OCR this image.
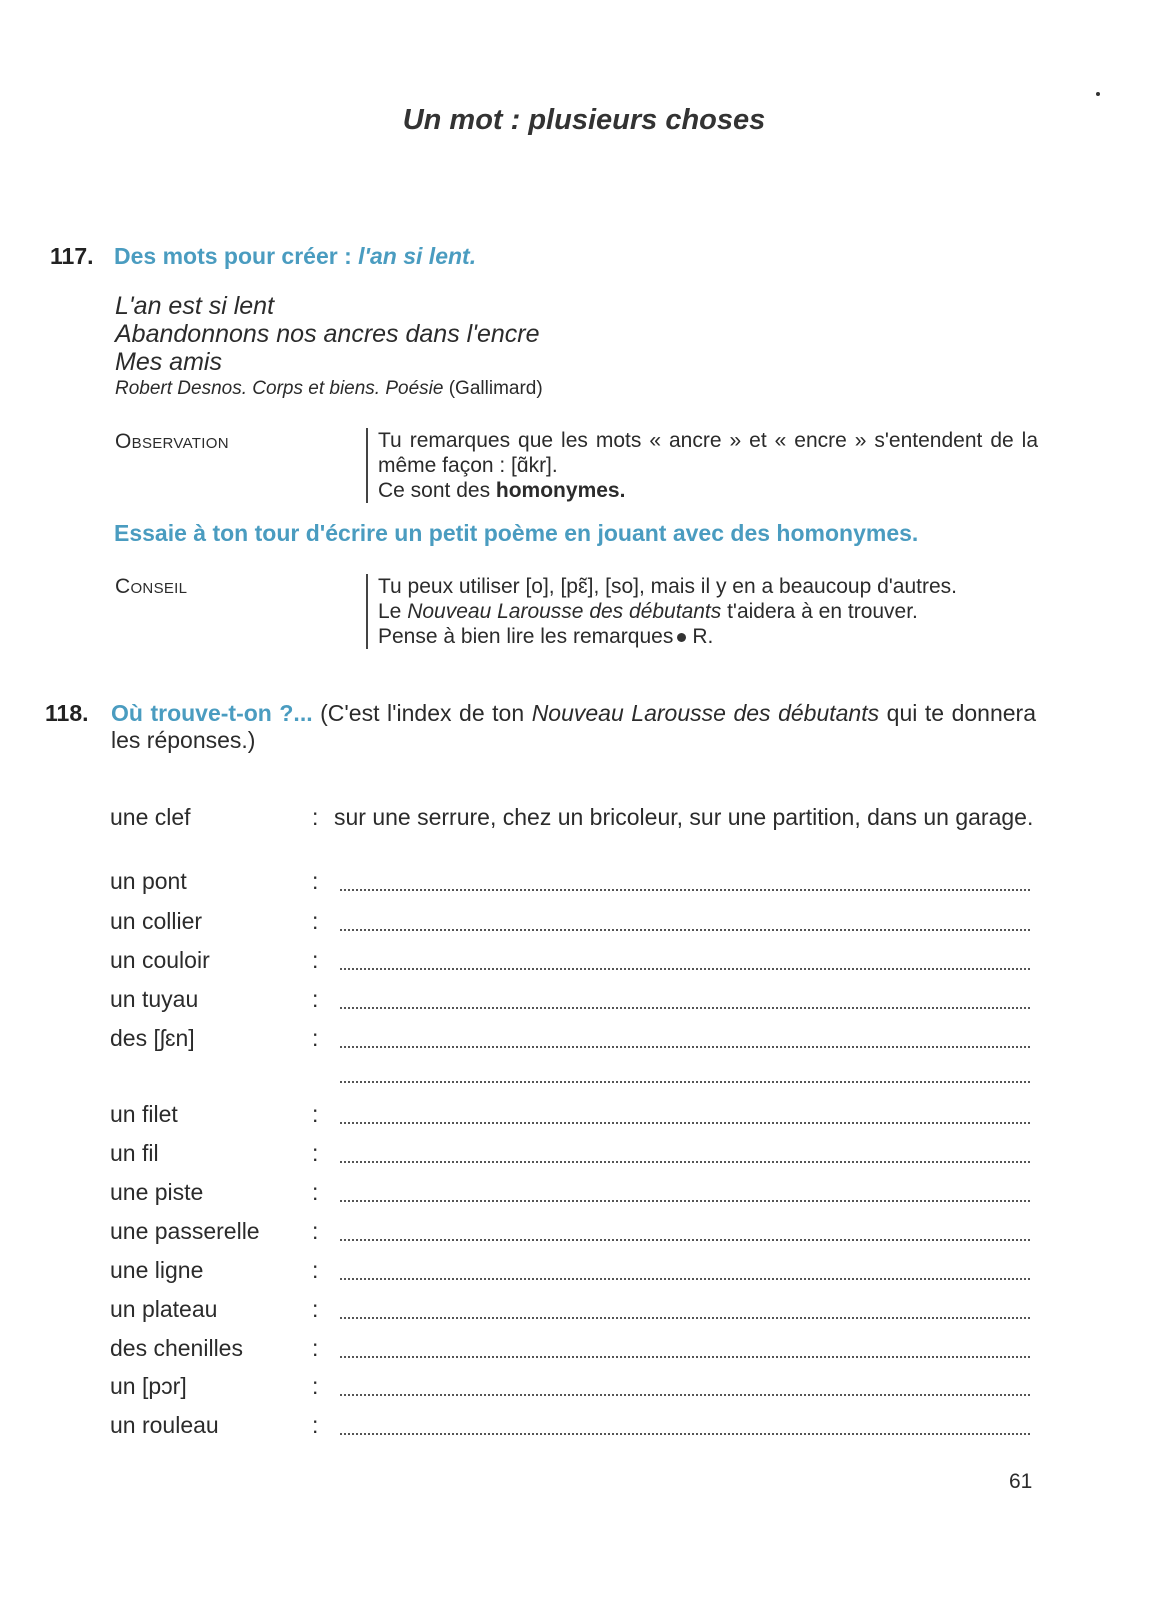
Un mot : plusieurs choses
117. Des mots pour créer : l'an si lent.
L'an est si lent
Abandonnons nos ancres dans l'encre
Mes amis
Robert Desnos. Corps et biens. Poésie (Gallimard)
Observation	Tu remarques que les mots « ancre » et « encre » s'entendent de la même façon : [ɑ̃kr].
Ce sont des homonymes.
Essaie à ton tour d'écrire un petit poème en jouant avec des homonymes.
Conseil	Tu peux utiliser [o], [pɛ̃], [so], mais il y en a beaucoup d'autres.
Le Nouveau Larousse des débutants t'aidera à en trouver.
Pense à bien lire les remarques R.
118. Où trouve-t-on ?... (C'est l'index de ton Nouveau Larousse des débutants qui te donnera les réponses.)
une clef	: sur une serrure, chez un bricoleur, sur une partition, dans un garage.
un pont	:
un collier	:
un couloir	:
un tuyau	:
des [ʃɛn]	:
un filet	:
un fil	:
une piste	:
une passerelle :
une ligne	:
un plateau	:
des chenilles	:
un [pɔr]	:
un rouleau	:
61
